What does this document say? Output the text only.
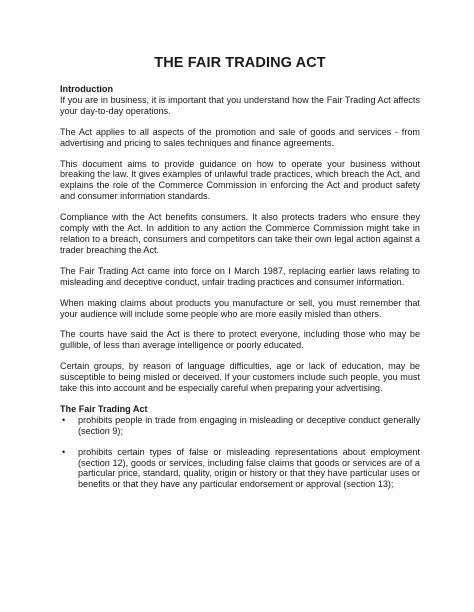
THE FAIR TRADING ACT

Introduction

If you are in business, it is important that you understand how the Fair Trading Act affects your day-to-day operations.

The Act applies to all aspects of the promotion and sale of goods and services - from advertising and pricing to sales techniques and finance agreements.

This document aims to provide guidance on how to operate your business without breaking the law. It gives examples of unlawful trade practices, which breach the Act, and explains the role of the Commerce Commission in enforcing the Act and product safety and consumer information standards.

Compliance with the Act benefits consumers. It also protects traders who ensure they comply with the Act. In addition to any action the Commerce Commission might take in relation to a breach, consumers and competitors can take their own legal action against a trader breaching the Act.

The Fair Trading Act came into force on I March 1987, replacing earlier laws relating to misleading and deceptive conduct, unfair trading practices and consumer information.

When making claims about products you manufacture or sell, you must remember that your audience will include some people who are more easily misled than others.

The courts have said the Act is there to protect everyone, including those who may be gullible, of less than average intelligence or poorly educated.

Certain groups, by reason of language difficulties, age or lack of education, may be susceptible to being misled or deceived. If your customers include such people, you must take this into account and be especially careful when preparing your advertising.

The Fair Trading Act

• prohibits people in trade from engaging in misleading or deceptive conduct generally (section 9);
• prohibits certain types of false or misleading representations about employment (section 12), goods or services, including false claims that goods or services are of a particular price, standard, quality, origin or history or that they have particular uses or benefits or that they have any particular endorsement or approval (section 13);
